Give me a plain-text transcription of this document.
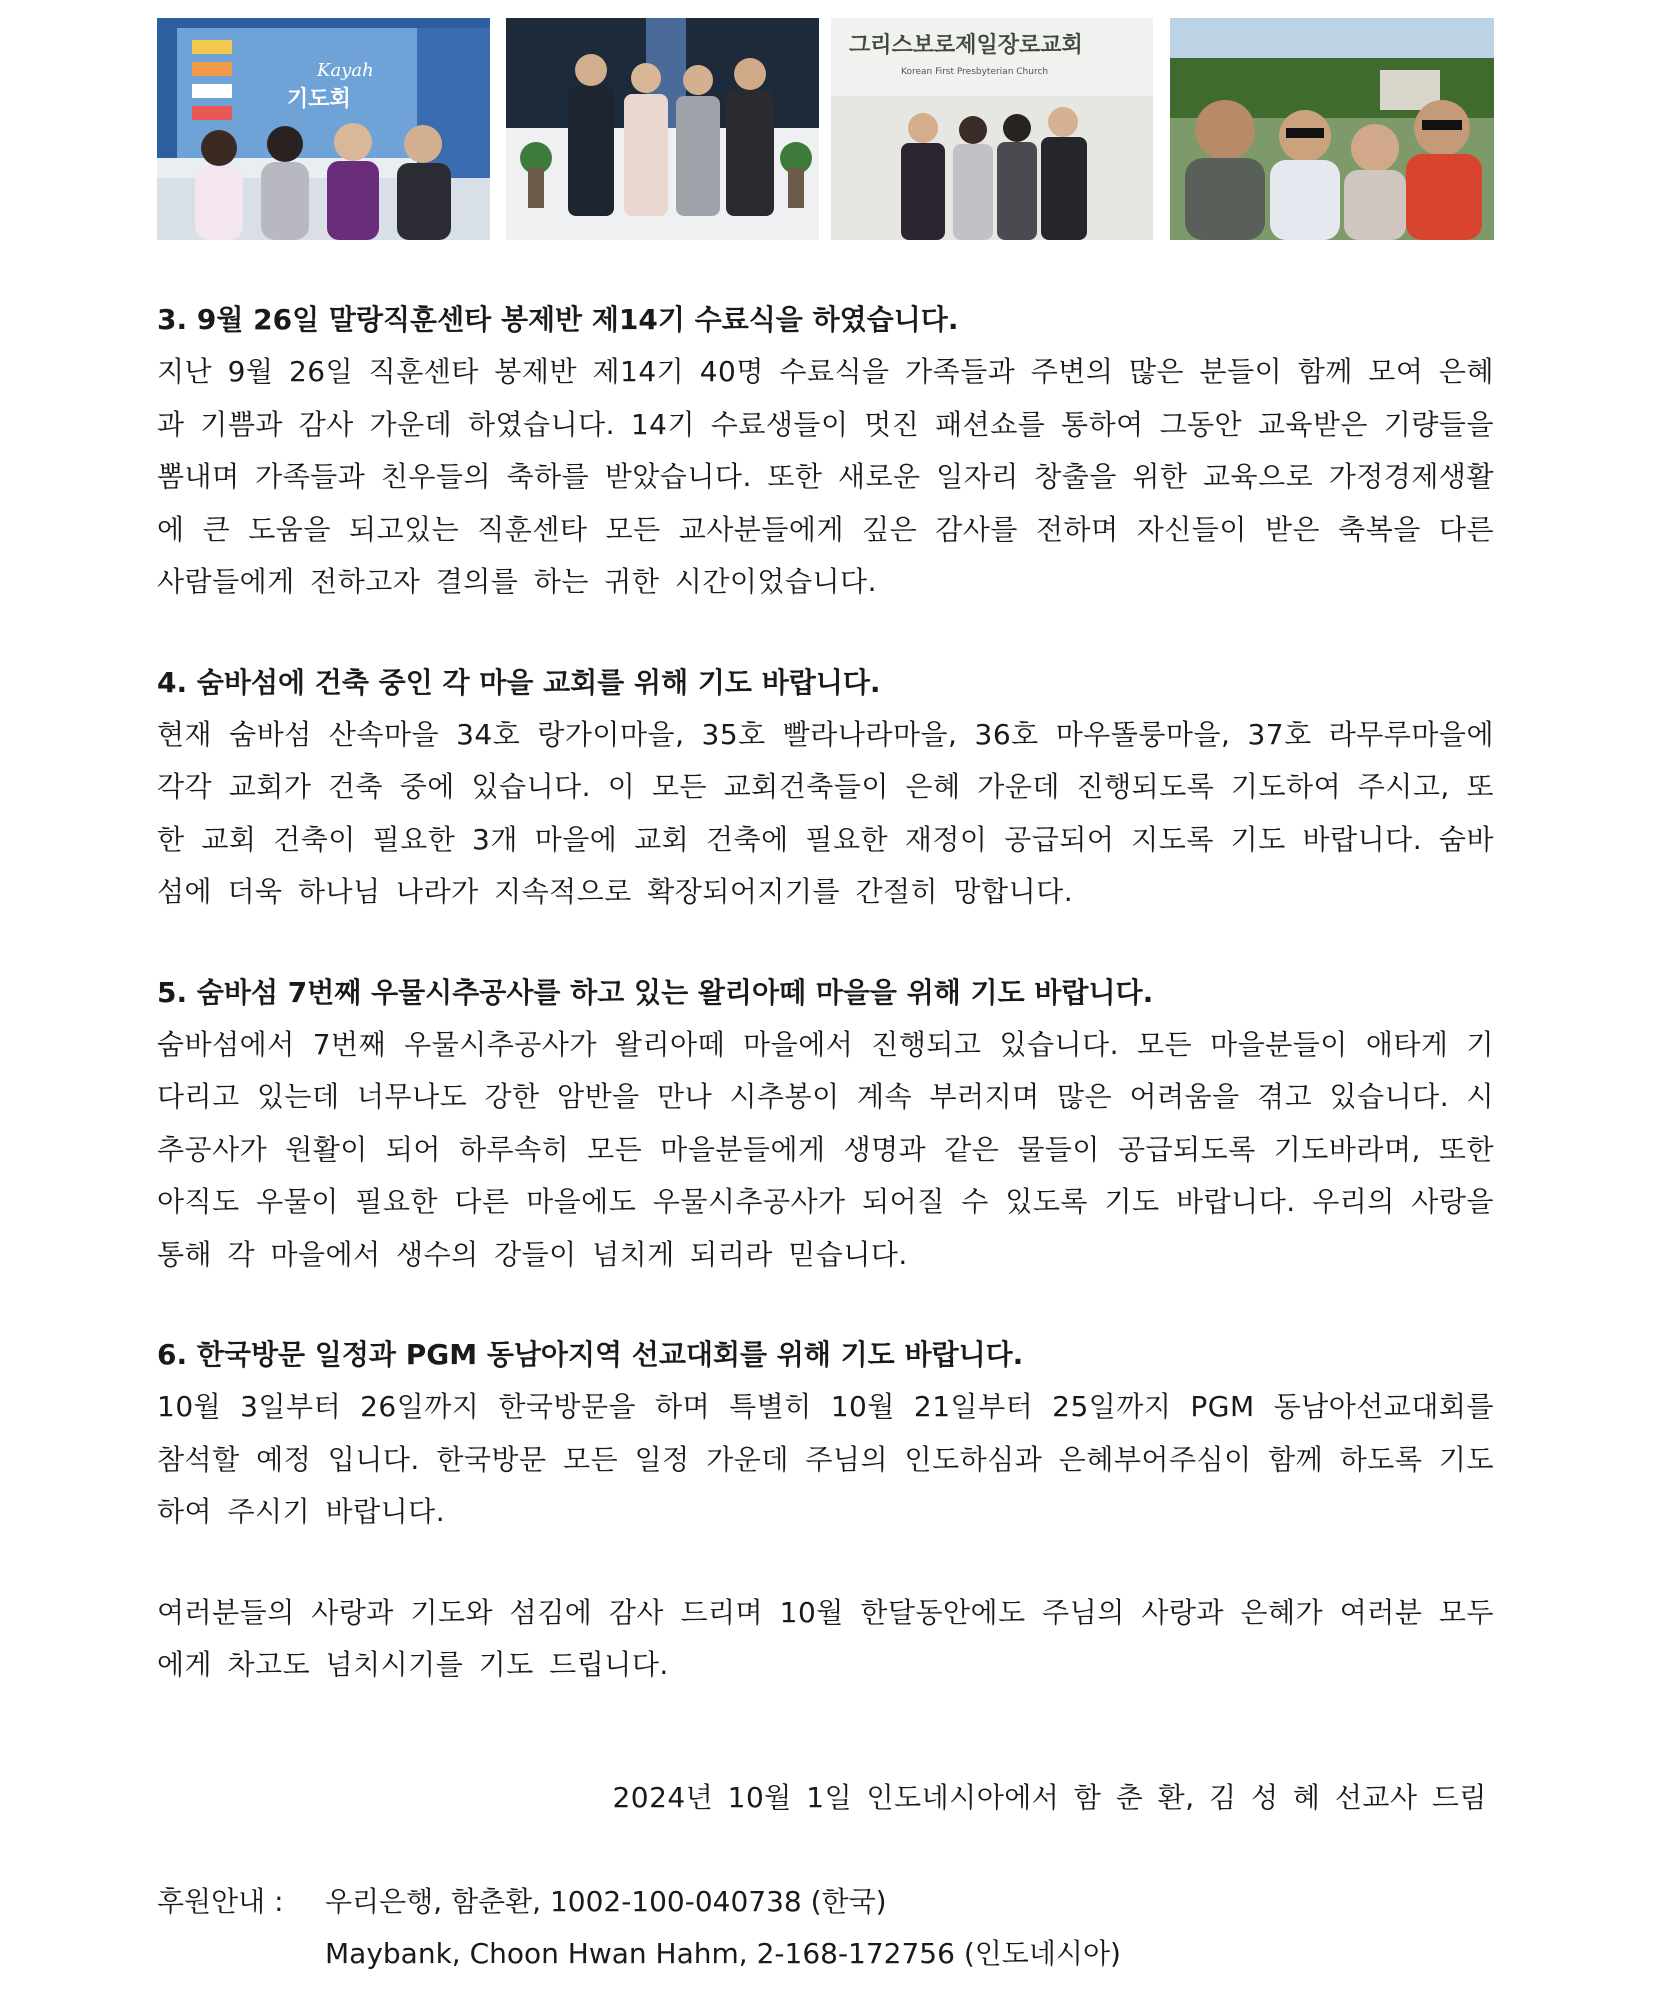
Kayah
기도회
그리스보로제일장로교회
Korean First Presbyterian Church
3. 9월 26일 말랑직훈센타 봉제반 제14기 수료식을 하였습니다.
지난 9월 26일 직훈센타 봉제반 제14기 40명 수료식을 가족들과 주변의 많은 분들이 함께 모여 은혜과 기쁨과 감사 가운데 하였습니다. 14기 수료생들이 멋진 패션쇼를 통하여 그동안 교육받은 기량들을 뽐내며 가족들과 친우들의 축하를 받았습니다. 또한 새로운 일자리 창출을 위한 교육으로 가정경제생활에 큰 도움을 되고있는 직훈센타 모든 교사분들에게 깊은 감사를 전하며 자신들이 받은 축복을 다른 사람들에게 전하고자 결의를 하는 귀한 시간이었습니다.
4. 숨바섬에 건축 중인 각 마을 교회를 위해 기도 바랍니다.
현재 숨바섬 산속마을 34호 랑가이마을, 35호 빨라나라마을, 36호 마우똘룽마을, 37호 라무루마을에 각각 교회가 건축 중에 있습니다. 이 모든 교회건축들이 은혜 가운데 진행되도록 기도하여 주시고, 또한 교회 건축이 필요한 3개 마을에 교회 건축에 필요한 재정이 공급되어 지도록 기도 바랍니다. 숨바섬에 더욱 하나님 나라가 지속적으로 확장되어지기를 간절히 망합니다.
5. 숨바섬 7번째 우물시추공사를 하고 있는 왈리아떼 마을을 위해 기도 바랍니다.
숨바섬에서 7번째 우물시추공사가 왈리아떼 마을에서 진행되고 있습니다. 모든 마을분들이 애타게 기다리고 있는데 너무나도 강한 암반을 만나 시추봉이 계속 부러지며 많은 어려움을 겪고 있습니다. 시추공사가 원활이 되어 하루속히 모든 마을분들에게 생명과 같은 물들이 공급되도록 기도바라며, 또한 아직도 우물이 필요한 다른 마을에도 우물시추공사가 되어질 수 있도록 기도 바랍니다. 우리의 사랑을 통해 각 마을에서 생수의 강들이 넘치게 되리라 믿습니다.
6. 한국방문 일정과 PGM 동남아지역 선교대회를 위해 기도 바랍니다.
10월 3일부터 26일까지 한국방문을 하며 특별히 10월 21일부터 25일까지 PGM 동남아선교대회를 참석할 예정 입니다. 한국방문 모든 일정 가운데 주님의 인도하심과 은혜부어주심이 함께 하도록 기도하여 주시기 바랍니다.
여러분들의 사랑과 기도와 섬김에 감사 드리며 10월 한달동안에도 주님의 사랑과 은혜가 여러분 모두에게 차고도 넘치시기를 기도 드립니다.
2024년 10월 1일 인도네시아에서 함 춘 환, 김 성 혜 선교사 드림
후원안내 : 우리은행, 함춘환, 1002-100-040738 (한국)
Maybank, Choon Hwan Hahm, 2-168-172756 (인도네시아)
